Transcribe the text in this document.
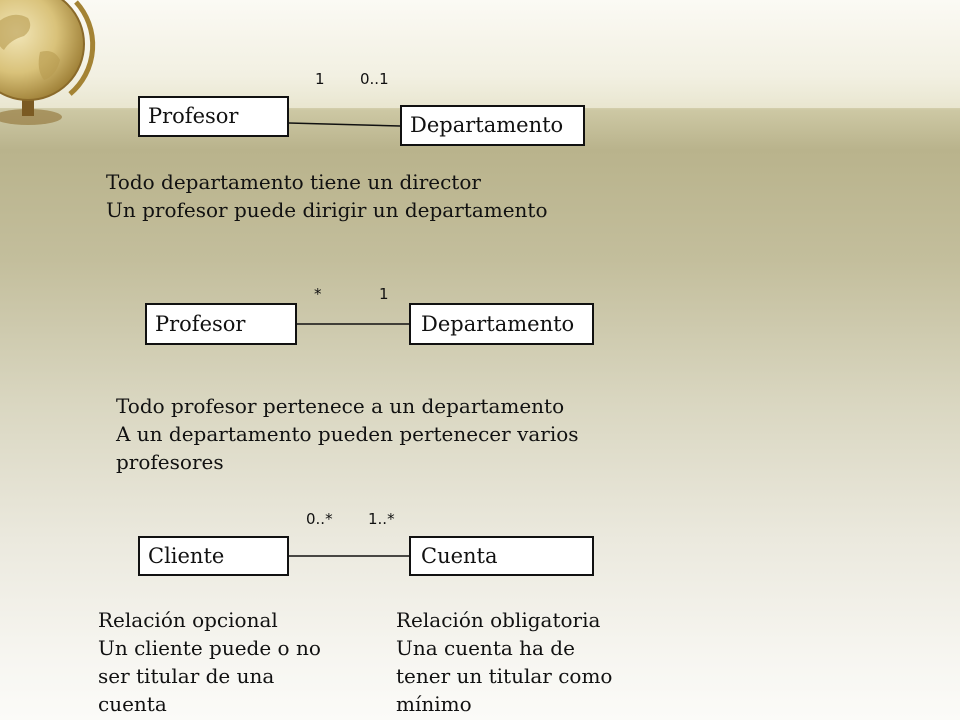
1 0..1
Profesor	Departamento
Todo departamento tiene un director
Un profesor puede dirigir un departamento
*	1
Profesor	Departamento
Todo profesor pertenece a un departamento
A un departamento pueden pertenecer varios
profesores
0..* 1..*
Cliente	Cuenta
Relación opcional
Un cliente puede o no
ser titular de una
cuenta
Relación obligatoria
Una cuenta ha de
tener un titular como
mínimo
